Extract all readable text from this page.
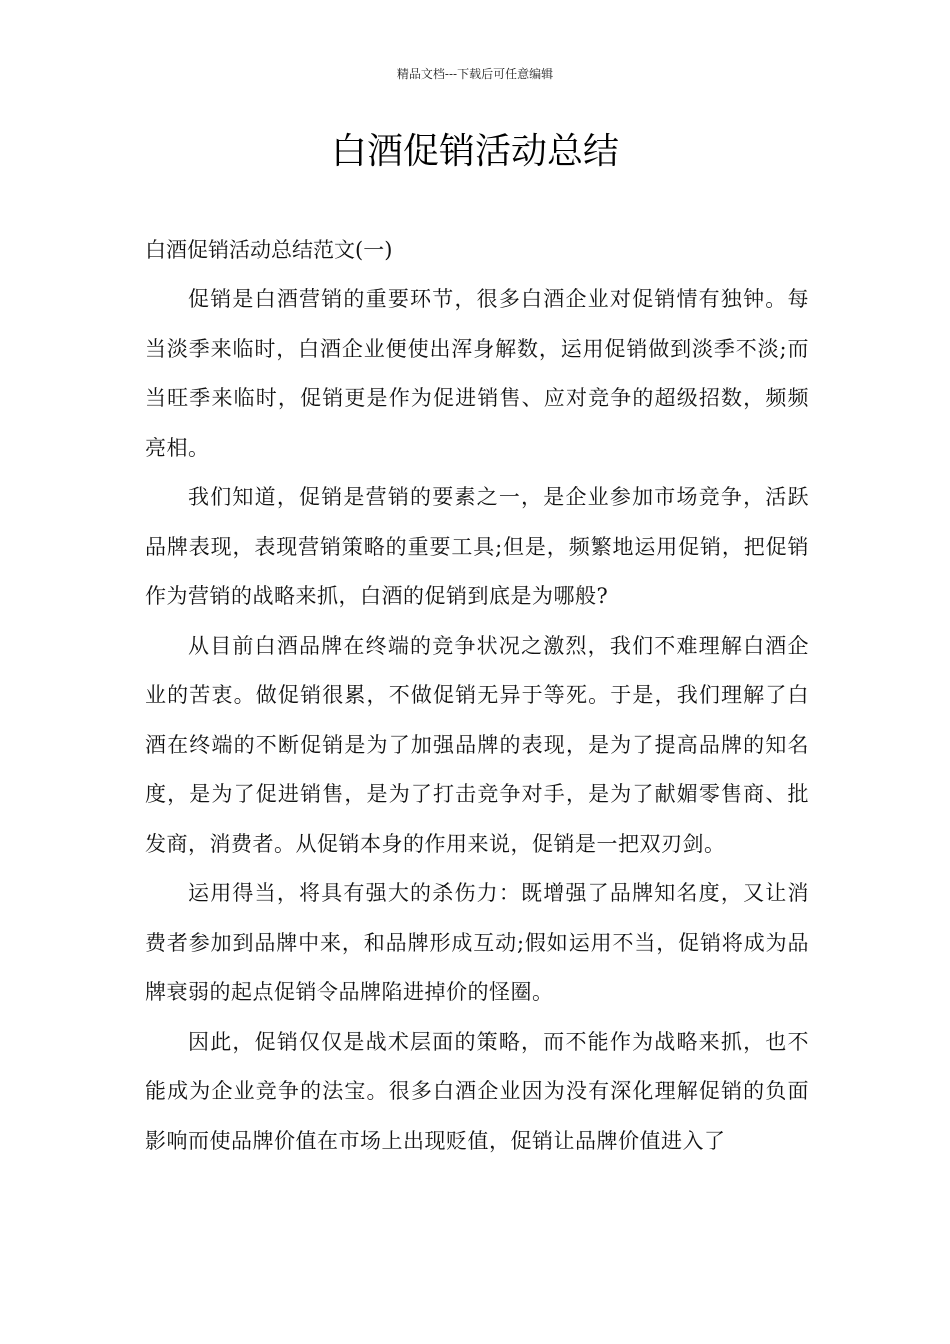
精品文档---下载后可任意编辑
白酒促销活动总结

白酒促销活动总结范文(一)

促销是白酒营销的重要环节，很多白酒企业对促销情有独钟。每当淡季来临时，白酒企业便使出浑身解数，运用促销做到淡季不淡;而当旺季来临时，促销更是作为促进销售、应对竞争的超级招数，频频亮相。

我们知道，促销是营销的要素之一，是企业参加市场竞争，活跃品牌表现，表现营销策略的重要工具;但是，频繁地运用促销，把促销作为营销的战略来抓，白酒的促销到底是为哪般?

从目前白酒品牌在终端的竞争状况之激烈，我们不难理解白酒企业的苦衷。做促销很累，不做促销无异于等死。于是，我们理解了白酒在终端的不断促销是为了加强品牌的表现，是为了提高品牌的知名度，是为了促进销售，是为了打击竞争对手，是为了献媚零售商、批发商，消费者。从促销本身的作用来说，促销是一把双刃剑。

运用得当，将具有强大的杀伤力：既增强了品牌知名度，又让消费者参加到品牌中来，和品牌形成互动;假如运用不当，促销将成为品牌衰弱的起点促销令品牌陷进掉价的怪圈。

因此，促销仅仅是战术层面的策略，而不能作为战略来抓，也不能成为企业竞争的法宝。很多白酒企业因为没有深化理解促销的负面影响而使品牌价值在市场上出现贬值，促销让品牌价值进入了
